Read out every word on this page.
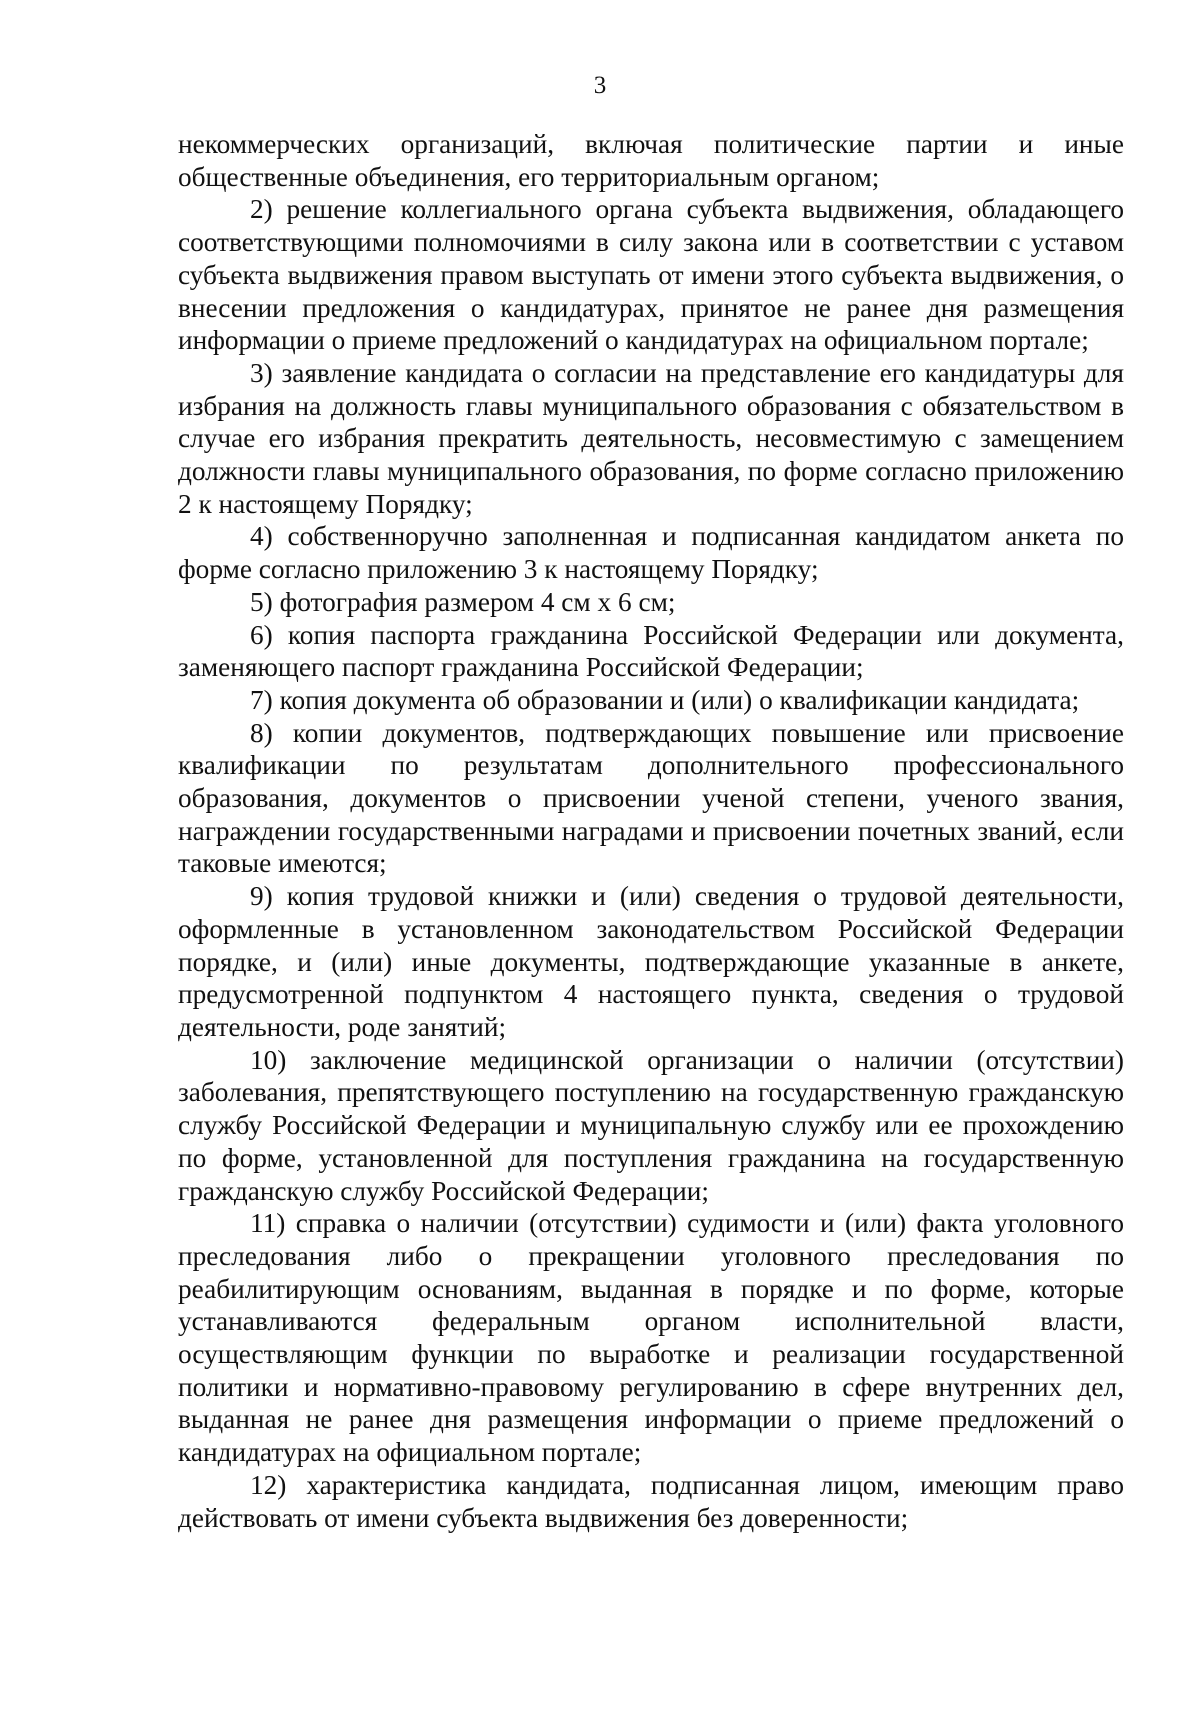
3

некоммерческих организаций, включая политические партии и иные общественные объединения, его территориальным органом;

2) решение коллегиального органа субъекта выдвижения, обладающего соответствующими полномочиями в силу закона или в соответствии с уставом субъекта выдвижения правом выступать от имени этого субъекта выдвижения, о внесении предложения о кандидатурах, принятое не ранее дня размещения информации о приеме предложений о кандидатурах на официальном портале;

3) заявление кандидата о согласии на представление его кандидатуры для избрания на должность главы муниципального образования с обязательством в случае его избрания прекратить деятельность, несовместимую с замещением должности главы муниципального образования, по форме согласно приложению 2 к настоящему Порядку;

4) собственноручно заполненная и подписанная кандидатом анкета по форме согласно приложению 3 к настоящему Порядку;

5) фотография размером 4 см х 6 см;

6) копия паспорта гражданина Российской Федерации или документа, заменяющего паспорт гражданина Российской Федерации;

7) копия документа об образовании и (или) о квалификации кандидата;

8) копии документов, подтверждающих повышение или присвоение квалификации по результатам дополнительного профессионального образования, документов о присвоении ученой степени, ученого звания, награждении государственными наградами и присвоении почетных званий, если таковые имеются;

9) копия трудовой книжки и (или) сведения о трудовой деятельности, оформленные в установленном законодательством Российской Федерации порядке, и (или) иные документы, подтверждающие указанные в анкете, предусмотренной подпунктом 4 настоящего пункта, сведения о трудовой деятельности, роде занятий;

10) заключение медицинской организации о наличии (отсутствии) заболевания, препятствующего поступлению на государственную гражданскую службу Российской Федерации и муниципальную службу или ее прохождению по форме, установленной для поступления гражданина на государственную гражданскую службу Российской Федерации;

11) справка о наличии (отсутствии) судимости и (или) факта уголовного преследования либо о прекращении уголовного преследования по реабилитирующим основаниям, выданная в порядке и по форме, которые устанавливаются федеральным органом исполнительной власти, осуществляющим функции по выработке и реализации государственной политики и нормативно-правовому регулированию в сфере внутренних дел, выданная не ранее дня размещения информации о приеме предложений о кандидатурах на официальном портале;

12) характеристика кандидата, подписанная лицом, имеющим право действовать от имени субъекта выдвижения без доверенности;
